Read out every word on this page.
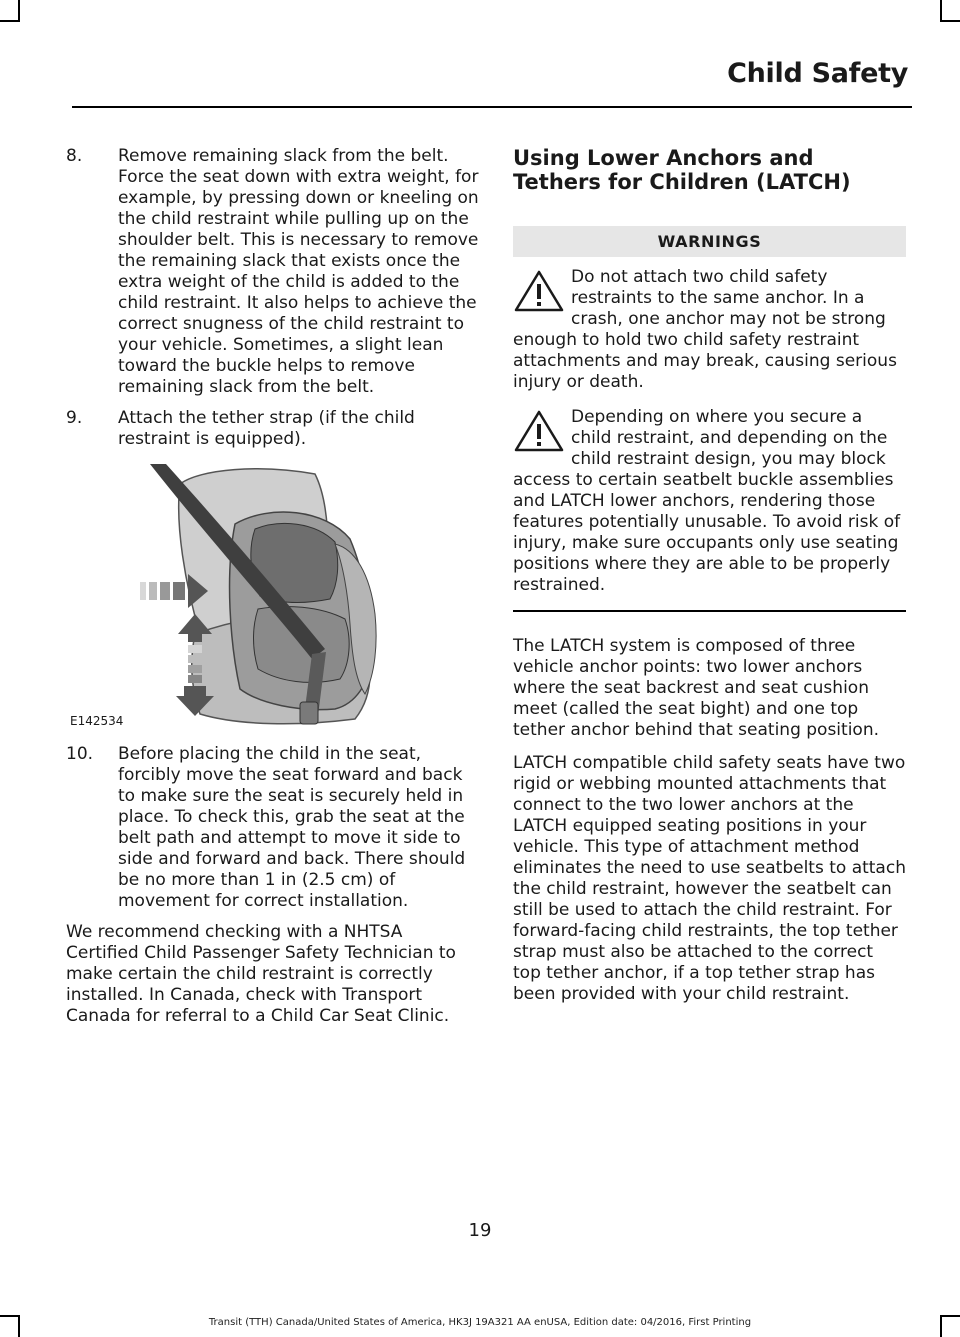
Child Safety
8.	Remove remaining slack from the belt. Force the seat down with extra weight, for example, by pressing down or kneeling on the child restraint while pulling up on the shoulder belt. This is necessary to remove the remaining slack that exists once the extra weight of the child is added to the child restraint. It also helps to achieve the correct snugness of the child restraint to your vehicle. Sometimes, a slight lean toward the buckle helps to remove remaining slack from the belt.
9.	Attach the tether strap (if the child restraint is equipped).
E142534
10.	Before placing the child in the seat, forcibly move the seat forward and back to make sure the seat is securely held in place. To check this, grab the seat at the belt path and attempt to move it side to side and forward and back. There should be no more than 1 in (2.5 cm) of movement for correct installation.

We recommend checking with a NHTSA Certified Child Passenger Safety Technician to make certain the child restraint is correctly installed. In Canada, check with Transport Canada for referral to a Child Car Seat Clinic.

Using Lower Anchors and Tethers for Children (LATCH)
WARNINGS
Do not attach two child safety restraints to the same anchor. In a crash, one anchor may not be strong enough to hold two child safety restraint attachments and may break, causing serious injury or death.
Depending on where you secure a child restraint, and depending on the child restraint design, you may block access to certain seatbelt buckle assemblies and LATCH lower anchors, rendering those features potentially unusable. To avoid risk of injury, make sure occupants only use seating positions where they are able to be properly restrained.

The LATCH system is composed of three vehicle anchor points: two lower anchors where the seat backrest and seat cushion meet (called the seat bight) and one top tether anchor behind that seating position.

LATCH compatible child safety seats have two rigid or webbing mounted attachments that connect to the two lower anchors at the LATCH equipped seating positions in your vehicle. This type of attachment method eliminates the need to use seatbelts to attach the child restraint, however the seatbelt can still be used to attach the child restraint. For forward-facing child restraints, the top tether strap must also be attached to the correct top tether anchor, if a top tether strap has been provided with your child restraint.

19
Transit (TTH) Canada/United States of America, HK3J 19A321 AA enUSA, Edition date: 04/2016, First Printing
